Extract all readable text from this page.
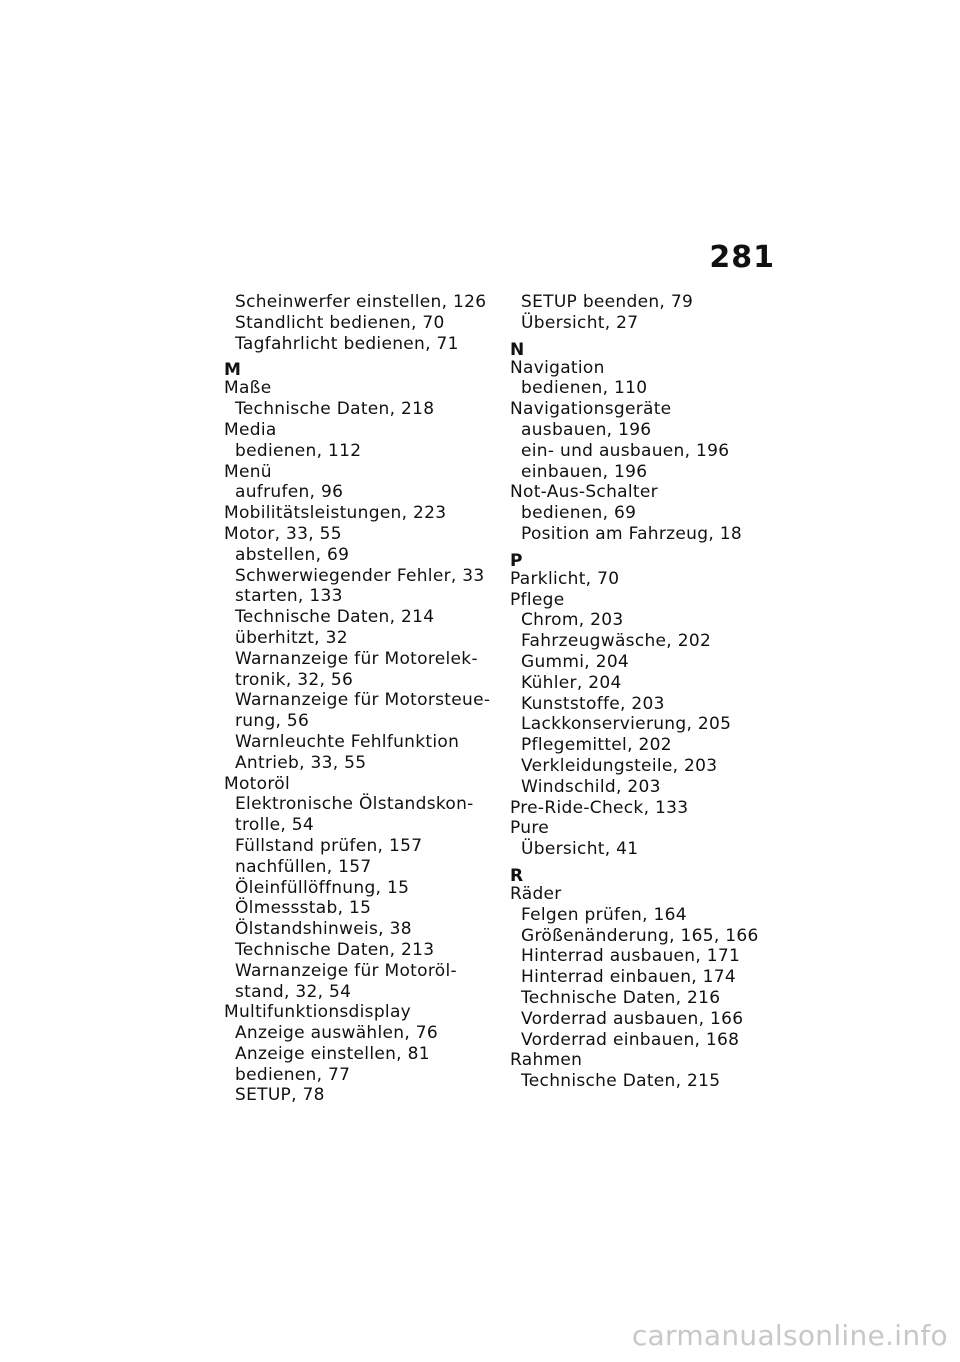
281
Scheinwerfer einstellen, 126
Standlicht bedienen, 70
Tagfahrlicht bedienen, 71
M
Maße
Technische Daten, 218
Media
bedienen, 112
Menü
aufrufen, 96
Mobilitätsleistungen, 223
Motor, 33, 55
abstellen, 69
Schwerwiegender Fehler, 33
starten, 133
Technische Daten, 214
überhitzt, 32
Warnanzeige für Motorelek-
tronik, 32, 56
Warnanzeige für Motorsteue-
rung, 56
Warnleuchte Fehlfunktion
Antrieb, 33, 55
Motoröl
Elektronische Ölstandskon-
trolle, 54
Füllstand prüfen, 157
nachfüllen, 157
Öleinfüllöffnung, 15
Ölmessstab, 15
Ölstandshinweis, 38
Technische Daten, 213
Warnanzeige für Motoröl-
stand, 32, 54
Multifunktionsdisplay
Anzeige auswählen, 76
Anzeige einstellen, 81
bedienen, 77
SETUP, 78
SETUP beenden, 79
Übersicht, 27
N
Navigation
bedienen, 110
Navigationsgeräte
ausbauen, 196
ein- und ausbauen, 196
einbauen, 196
Not-Aus-Schalter
bedienen, 69
Position am Fahrzeug, 18
P
Parklicht, 70
Pflege
Chrom, 203
Fahrzeugwäsche, 202
Gummi, 204
Kühler, 204
Kunststoffe, 203
Lackkonservierung, 205
Pflegemittel, 202
Verkleidungsteile, 203
Windschild, 203
Pre-Ride-Check, 133
Pure
Übersicht, 41
R
Räder
Felgen prüfen, 164
Größenänderung, 165, 166
Hinterrad ausbauen, 171
Hinterrad einbauen, 174
Technische Daten, 216
Vorderrad ausbauen, 166
Vorderrad einbauen, 168
Rahmen
Technische Daten, 215
carmanualsonline.info
